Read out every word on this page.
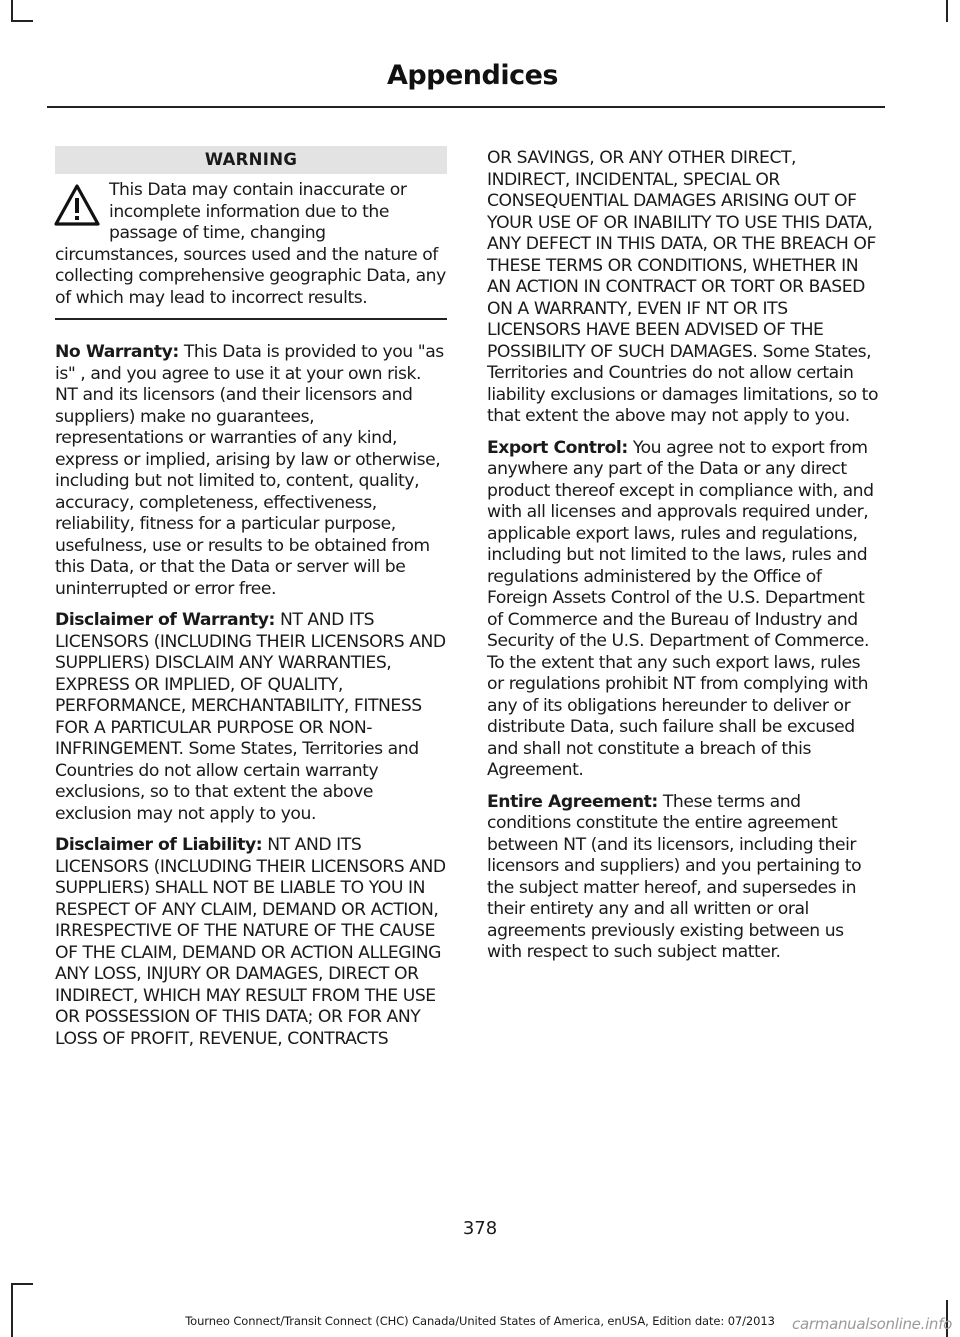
Appendices
WARNING

This Data may contain inaccurate or incomplete information due to the passage of time, changing circumstances, sources used and the nature of collecting comprehensive geographic Data, any of which may lead to incorrect results.

No Warranty: This Data is provided to you "as is" , and you agree to use it at your own risk. NT and its licensors (and their licensors and suppliers) make no guarantees, representations or warranties of any kind, express or implied, arising by law or otherwise, including but not limited to, content, quality, accuracy, completeness, effectiveness, reliability, fitness for a particular purpose, usefulness, use or results to be obtained from this Data, or that the Data or server will be uninterrupted or error free.

Disclaimer of Warranty: NT AND ITS LICENSORS (INCLUDING THEIR LICENSORS AND SUPPLIERS) DISCLAIM ANY WARRANTIES, EXPRESS OR IMPLIED, OF QUALITY, PERFORMANCE, MERCHANTABILITY, FITNESS FOR A PARTICULAR PURPOSE OR NON-INFRINGEMENT. Some States, Territories and Countries do not allow certain warranty exclusions, so to that extent the above exclusion may not apply to you.

Disclaimer of Liability: NT AND ITS LICENSORS (INCLUDING THEIR LICENSORS AND SUPPLIERS) SHALL NOT BE LIABLE TO YOU IN RESPECT OF ANY CLAIM, DEMAND OR ACTION, IRRESPECTIVE OF THE NATURE OF THE CAUSE OF THE CLAIM, DEMAND OR ACTION ALLEGING ANY LOSS, INJURY OR DAMAGES, DIRECT OR INDIRECT, WHICH MAY RESULT FROM THE USE OR POSSESSION OF THIS DATA; OR FOR ANY LOSS OF PROFIT, REVENUE, CONTRACTS

OR SAVINGS, OR ANY OTHER DIRECT, INDIRECT, INCIDENTAL, SPECIAL OR CONSEQUENTIAL DAMAGES ARISING OUT OF YOUR USE OF OR INABILITY TO USE THIS DATA, ANY DEFECT IN THIS DATA, OR THE BREACH OF THESE TERMS OR CONDITIONS, WHETHER IN AN ACTION IN CONTRACT OR TORT OR BASED ON A WARRANTY, EVEN IF NT OR ITS LICENSORS HAVE BEEN ADVISED OF THE POSSIBILITY OF SUCH DAMAGES. Some States, Territories and Countries do not allow certain liability exclusions or damages limitations, so to that extent the above may not apply to you.

Export Control: You agree not to export from anywhere any part of the Data or any direct product thereof except in compliance with, and with all licenses and approvals required under, applicable export laws, rules and regulations, including but not limited to the laws, rules and regulations administered by the Office of Foreign Assets Control of the U.S. Department of Commerce and the Bureau of Industry and Security of the U.S. Department of Commerce. To the extent that any such export laws, rules or regulations prohibit NT from complying with any of its obligations hereunder to deliver or distribute Data, such failure shall be excused and shall not constitute a breach of this Agreement.

Entire Agreement: These terms and conditions constitute the entire agreement between NT (and its licensors, including their licensors and suppliers) and you pertaining to the subject matter hereof, and supersedes in their entirety any and all written or oral agreements previously existing between us with respect to such subject matter.

378
Tourneo Connect/Transit Connect (CHC) Canada/United States of America, enUSA, Edition date: 07/2013	carmanualsonline.info
